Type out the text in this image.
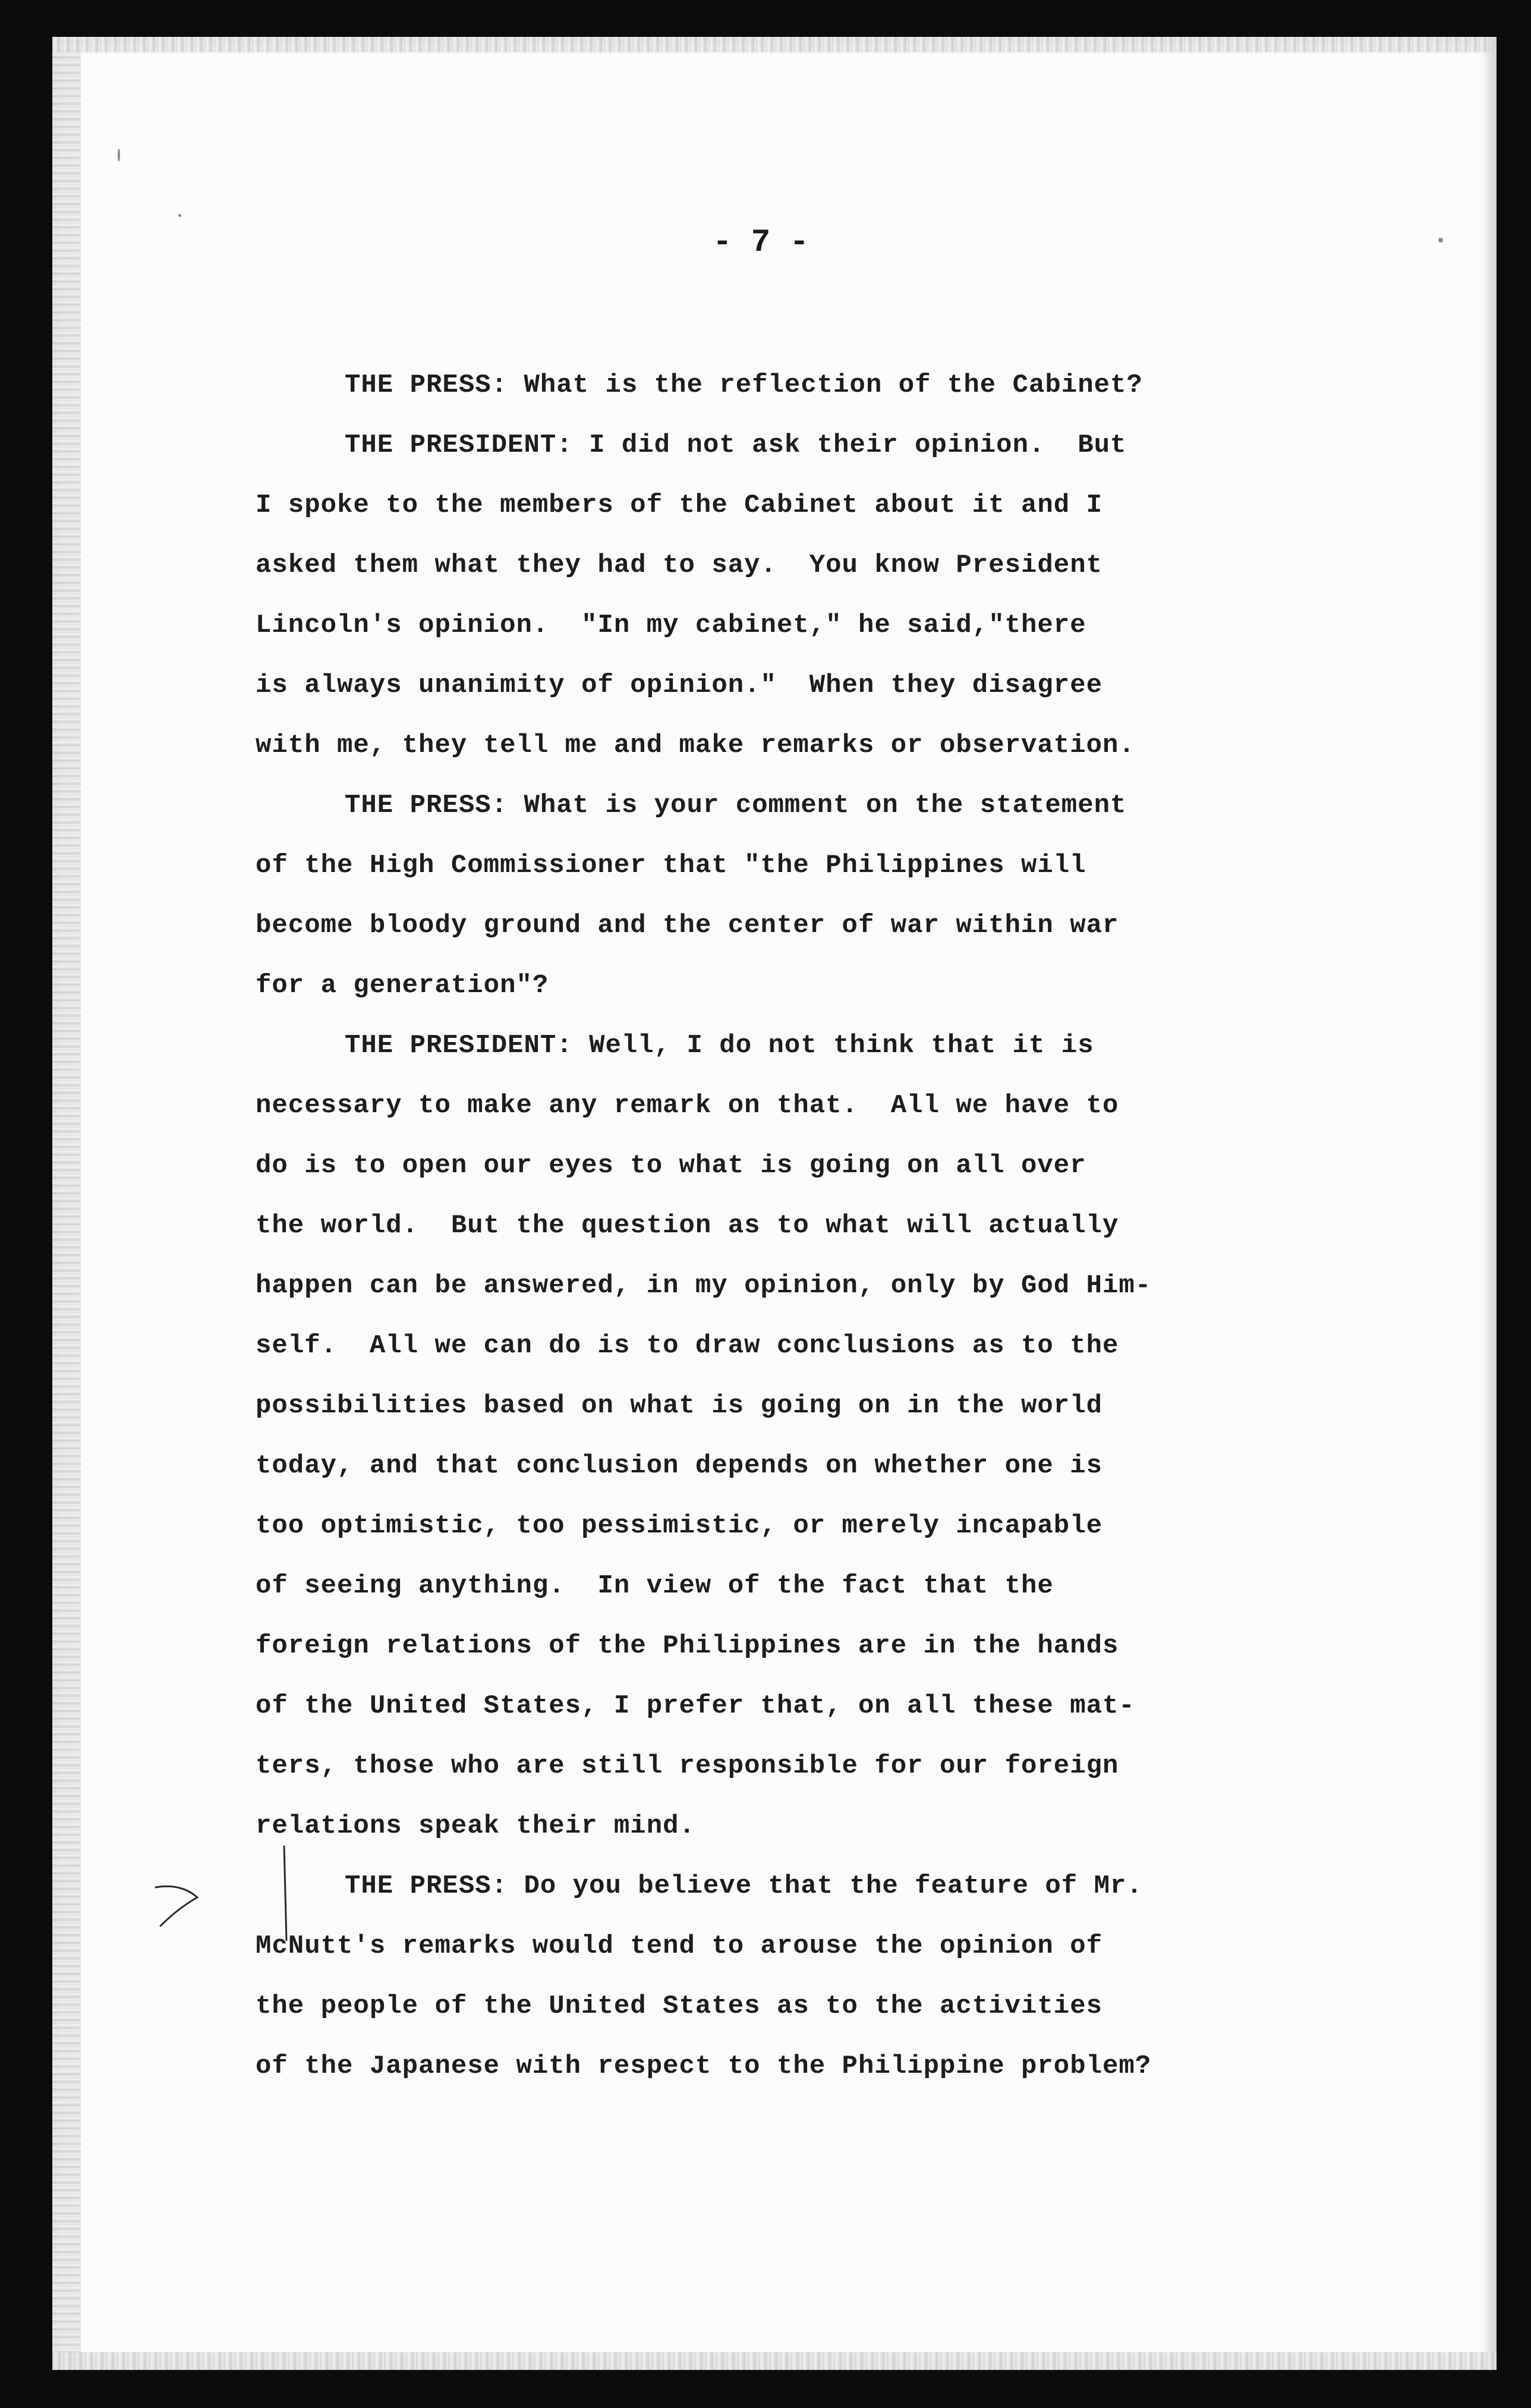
- 7 -
THE PRESS: What is the reflection of the Cabinet?
THE PRESIDENT: I did not ask their opinion.  But
I spoke to the members of the Cabinet about it and I
asked them what they had to say.  You know President
Lincoln's opinion.  "In my cabinet," he said,"there
is always unanimity of opinion."  When they disagree
with me, they tell me and make remarks or observation.
THE PRESS: What is your comment on the statement
of the High Commissioner that "the Philippines will
become bloody ground and the center of war within war
for a generation"?
THE PRESIDENT: Well, I do not think that it is
necessary to make any remark on that.  All we have to
do is to open our eyes to what is going on all over
the world.  But the question as to what will actually
happen can be answered, in my opinion, only by God Him-
self.  All we can do is to draw conclusions as to the
possibilities based on what is going on in the world
today, and that conclusion depends on whether one is
too optimistic, too pessimistic, or merely incapable
of seeing anything.  In view of the fact that the
foreign relations of the Philippines are in the hands
of the United States, I prefer that, on all these mat-
ters, those who are still responsible for our foreign
relations speak their mind.
THE PRESS: Do you believe that the feature of Mr.
McNutt's remarks would tend to arouse the opinion of
the people of the United States as to the activities
of the Japanese with respect to the Philippine problem?
